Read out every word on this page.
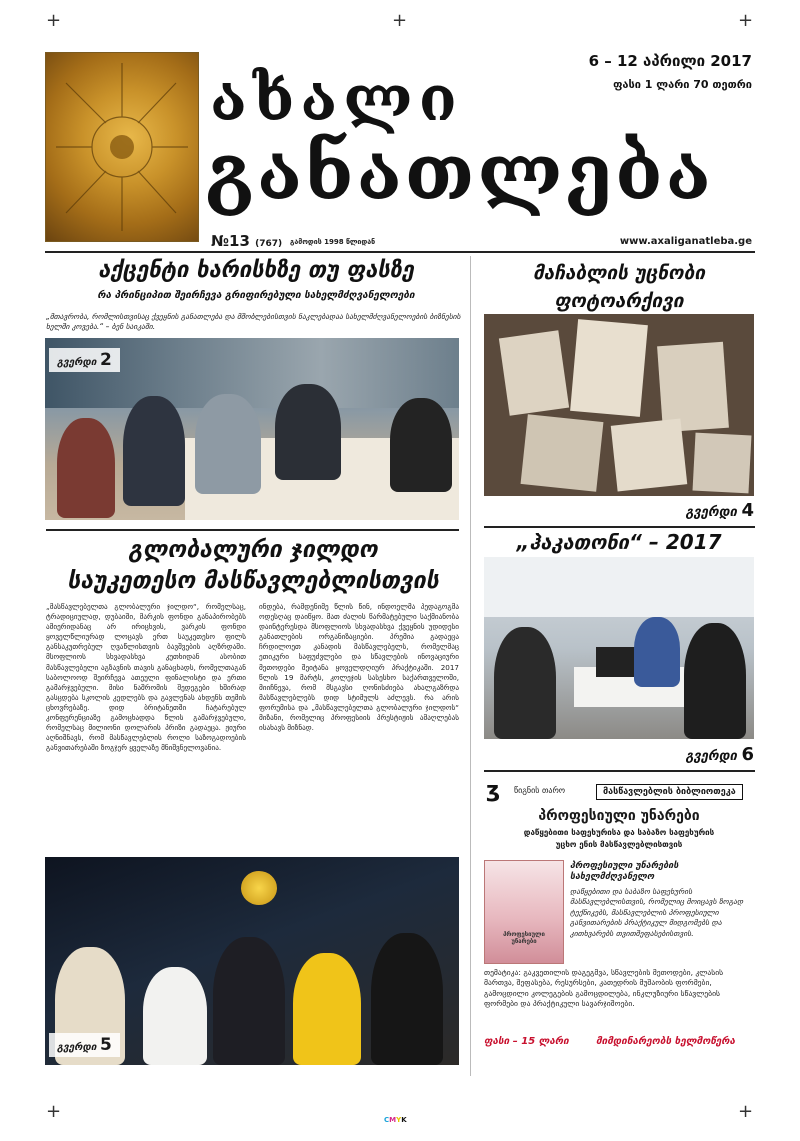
+	+	+
+	+
ახალი
განათლება
6 – 12 აპრილი 2017
ფასი 1 ლარი 70 თეთრი
№13 (767) გამოდის 1998 წლიდან	www.axaliganatleba.ge
აქცენტი ხარისხზე თუ ფასზე
რა პრინციპით შეირჩევა გრიფირებული სახელმძღვანელოები
„მთავრობა, რომლისთვისაც ქვეყნის განათლება და მშობლებისთვის ნაკლებადაა სახელმძღვანელოების ბიზნესის ხელში კოვება.“ – ბენ საიკაში.
გვერდი 2
გლობალური ჯილდო
საუკეთესო მასწავლებლისთვის
„მასწავლებელთა გლობალური ჯილდო“, რომელსაც, ტრადიციულად, დუბაიში, მარკის ფონდი განაპირობებს ამიერიდანაც არ ირიცხვის, ვარკის ფონდი ყოველწლიურად ლოცავს ერთ საუკეთესო ფილს განსაკუთრებულ ღვაწლისთვის ბავშვების აღზრდაში. მსოფლიოს სხვადასხვა კუთხიდან ასობით მასწავლებელი აგზავნის თავის განაცხადს, რომელთაგან საბოლოოდ შეირჩევა ათეული ფინალისტი და ერთი გამარჯვებული. მისი ნაშრომის შედეგები ხშირად გასცდება სკოლის კედლებს და გავლენას ახდენს თემის ცხოვრებაზე. დიდ ბრიტანეთში ჩატარებულ კონფერენციაზე გამოცხადდა წლის გამარჯვებული, რომელსაც მილიონი დოლარის პრიზი გადაეცა. ჟიური აღნიშნავს, რომ მასწავლებლის როლი საზოგადოების განვითარებაში ზოგჯერ ყველაზე მნიშვნელოვანია.
ინდება, რამდენიმე წლის წინ, ინდოელმა პედაგოგმა ოდესღაც დაიწყო. მათ ძალის წარმატებული საქმიანობა დაინტერესდა მსოფლიოს სხვადასხვა ქვეყნის უდიდესი განათლების ორგანიზაციები. პრემია გადაეცა ჩრდილოეთ კანადის მასწავლებელს, რომელმაც ეთიკური საფუძვლები და სწავლების ინოვაციური მეთოდები შეიტანა ყოველდღიურ პრაქტიკაში. 2017 წლის 19 მარტს, კოლეჯის სასესხო საქართველოში, მიიჩნევა, რომ მსგავსი ღონისძიება ახალგაზრდა მასწავლებლებს დიდ სტიმულს აძლევს. რა არის ფორუმისა და „მასწავლებელთა გლობალური ჯილდოს“ მიზანი, რომელიც პროფესიის პრესტიჟის ამაღლებას ისახავს მიზნად.
გვერდი 5
მაჩაბლის უცნობი
ფოტოარქივი
გვერდი 4
„ჰაკათონი“ – 2017
გვერდი 6
ʒ წიგნის თარო	მასწავლებლის ბიბლიოთეკა
პროფესიული უნარები
დაწყებითი საფეხურისა და საბაზო საფეხურის
უცხო ენის მასწავლებლისთვის
პროფესიული უნარები
პროფესიული უნარების სახელმძღვანელო
დაწყებითი და საბაზო საფეხურის მასწავლებლისთვის, რომელიც მოიცავს ზოგად ტექნიკებს, მასწავლებლის პროფესიული განვითარების პრაქტიკულ მიდგომებს და კითხვარებს თვითშეფასებისთვის.
თემატიკა: გაკვეთილის დაგეგმვა, სწავლების მეთოდები, კლასის მართვა, შეფასება, რესურსები, კათედრის მუშაობის ფორმები, გამოცდილი კოლეგების გამოცდილება, ინკლუზიური სწავლების ფორმები და პრაქტიკული სავარჯიშოები.
ფასი – 15 ლარი	მიმდინარეობს ხელმოწერა
CMYK
